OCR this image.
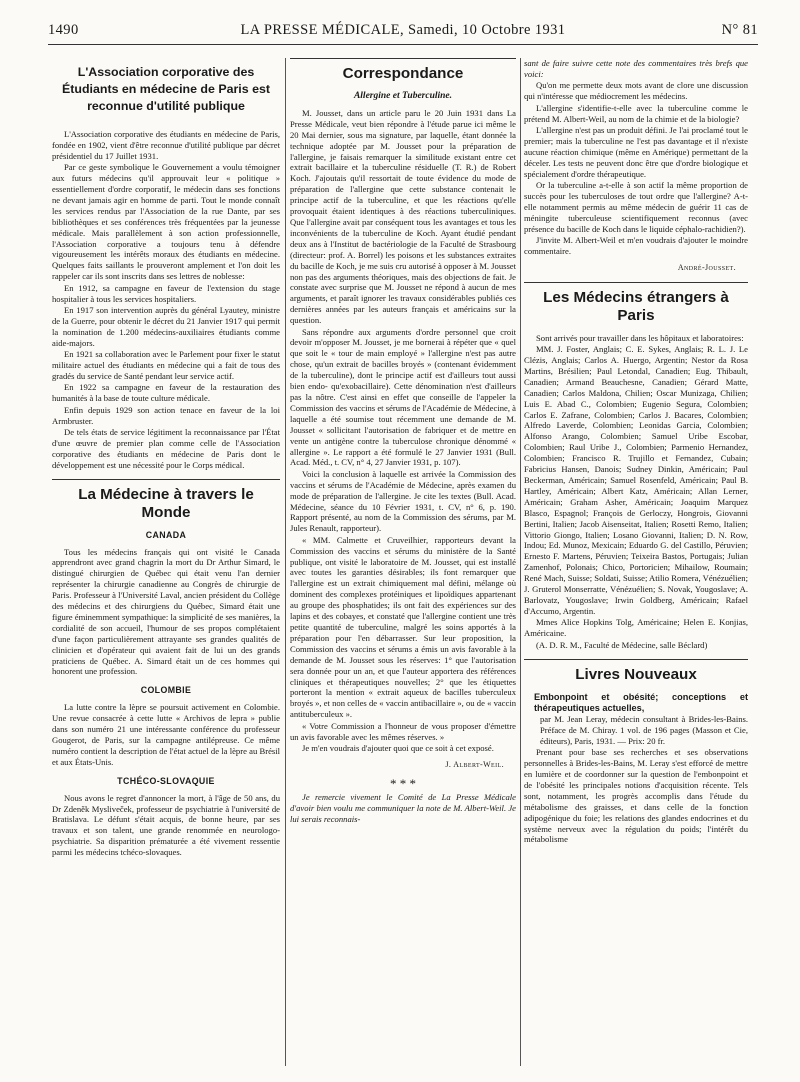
1490	LA PRESSE MÉDICALE, Samedi, 10 Octobre 1931	N° 81
L'Association corporative des Étudiants en médecine de Paris est reconnue d'utilité publique

L'Association corporative des étudiants en médecine de Paris, fondée en 1902, vient d'être reconnue d'utilité publique par décret présidentiel du 17 Juillet 1931.

Par ce geste symbolique le Gouvernement a voulu témoigner aux futurs médecins qu'il approuvait leur « politique » essentiellement d'ordre corporatif, le médecin dans ses fonctions ne devant jamais agir en homme de parti. Tout le monde connaît les services rendus par l'Association de la rue Dante, par ses bibliothèques et ses conférences très fréquentées par la jeunesse médicale. Mais parallèlement à son action professionnelle, l'Association corporative a toujours tenu à défendre vigoureusement les intérêts moraux des étudiants en médecine. Quelques faits saillants le prouveront amplement et l'on doit les rappeler car ils sont inscrits dans ses lettres de noblesse:

En 1912, sa campagne en faveur de l'extension du stage hospitalier à tous les services hospitaliers.

En 1917 son intervention auprès du général Lyautey, ministre de la Guerre, pour obtenir le décret du 21 Janvier 1917 qui permit la nomination de 1.200 médecins-auxiliaires étudiants comme aide-majors.

En 1921 sa collaboration avec le Parlement pour fixer le statut militaire actuel des étudiants en médecine qui a fait de tous des gradés du service de Santé pendant leur service actif.

En 1922 sa campagne en faveur de la restauration des humanités à la base de toute culture médicale.

Enfin depuis 1929 son action tenace en faveur de la loi Armbruster.

De tels états de service légitiment la reconnaissance par l'État d'une œuvre de premier plan comme celle de l'Association corporative des étudiants en médecine de Paris dont le développement est une nécessité pour le Corps médical.

La Médecine à travers le Monde
CANADA

Tous les médecins français qui ont visité le Canada apprendront avec grand chagrin la mort du Dr Arthur Simard, le distingué chirurgien de Québec qui était venu l'an dernier représenter la chirurgie canadienne au Congrès de chirurgie de Paris. Professeur à l'Université Laval, ancien président du Collège des médecins et des chirurgiens du Québec, Simard était une figure éminemment sympathique: la simplicité de ses manières, la cordialité de son accueil, l'humour de ses propos complétaient d'une façon particulièrement attrayante ses grandes qualités de clinicien et d'opérateur qui avaient fait de lui un des grands praticiens de Québec. A. Simard était un de ces hommes qui honorent une profession.

COLOMBIE

La lutte contre la lèpre se poursuit activement en Colombie. Une revue consacrée à cette lutte « Archivos de lepra » publie dans son numéro 21 une intéressante conférence du professeur Gougerot, de Paris, sur la campagne antilépreuse. Ce même numéro contient la description de l'état actuel de la lèpre au Brésil et aux États-Unis.

TCHÉCO-SLOVAQUIE

Nous avons le regret d'annoncer la mort, à l'âge de 50 ans, du Dr Zdeněk Mysliveček, professeur de psychiatrie à l'université de Bratislava. Le défunt s'était acquis, de bonne heure, par ses travaux et son talent, une grande renommée en neurologo-psychiatrie. Sa disparition prématurée a été vivement ressentie parmi les médecins tchéco-slovaques.

Correspondance
Allergine et Tuberculine.

M. Jousset, dans un article paru le 20 Juin 1931 dans La Presse Médicale, veut bien répondre à l'étude parue ici même le 20 Mai dernier, sous ma signature, par laquelle, étant donnée la technique adoptée par M. Jousset pour la préparation de l'allergine, je faisais remarquer la similitude existant entre cet extrait bacillaire et la tuberculine résiduelle (T. R.) de Robert Koch. J'ajoutais qu'il ressortait de toute évidence du mode de préparation de l'allergine que cette substance contenait le principe actif de la tuberculine, et que les réactions qu'elle provoquait étaient identiques à des réactions tuberculiniques. Que l'allergine avait par conséquent tous les avantages et tous les inconvénients de la tuberculine de Koch. Ayant étudié pendant deux ans à l'Institut de bactériologie de la Faculté de Strasbourg (directeur: prof. A. Borrel) les poisons et les substances extraites du bacille de Koch, je me suis cru autorisé à opposer à M. Jousset non pas des arguments théoriques, mais des objections de fait. Je constate avec surprise que M. Jousset ne répond à aucun de mes arguments, et paraît ignorer les travaux considérables publiés ces dernières années par les auteurs français et américains sur la question.

Sans répondre aux arguments d'ordre personnel que croit devoir m'opposer M. Jousset, je me bornerai à répéter que « quel que soit le « tour de main employé » l'allergine n'est pas autre chose, qu'un extrait de bacilles broyés » (contenant évidemment de la tuberculine), dont le principe actif est d'ailleurs tout aussi bien endo- qu'exobacillaire). Cette dénomination n'est d'ailleurs pas la nôtre. C'est ainsi en effet que conseille de l'appeler la Commission des vaccins et sérums de l'Académie de Médecine, à laquelle a été soumise tout récemment une demande de M. Jousset « sollicitant l'autorisation de fabriquer et de mettre en vente un antigène contre la tuberculose chronique dénommé « allergine ». Le rapport a été formulé le 27 Janvier 1931 (Bull. Acad. Méd., t. CV, n° 4, 27 Janvier 1931, p. 107).

Voici la conclusion à laquelle est arrivée la Commission des vaccins et sérums de l'Académie de Médecine, après examen du mode de préparation de l'allergine. Je cite les textes (Bull. Acad. Médecine, séance du 10 Février 1931, t. CV, n° 6, p. 190. Rapport présenté, au nom de la Commission des sérums, par M. Jules Renault, rapporteur).

« MM. Calmette et Cruveilhier, rapporteurs devant la Commission des vaccins et sérums du ministère de la Santé publique, ont visité le laboratoire de M. Jousset, qui est installé avec toutes les garanties désirables; ils font remarquer que l'allergine est un extrait chimiquement mal défini, mélange où dominent des complexes protéiniques et lipoïdiques appartenant au groupe des phosphatides; ils ont fait des expériences sur des lapins et des cobayes, et constaté que l'allergine contient une très petite quantité de tuberculine, malgré les soins apportés à la préparation pour l'en débarrasser. Sur leur proposition, la Commission des vaccins et sérums a émis un avis favorable à la demande de M. Jousset sous les réserves: 1° que l'autorisation sera donnée pour un an, et que l'auteur apportera des références cliniques et thérapeutiques nouvelles; 2° que les étiquettes porteront la mention « extrait aqueux de bacilles tuberculeux broyés », et non celles de « vaccin antibacillaire », ou de « vaccin antituberculeux ».

« Votre Commission a l'honneur de vous proposer d'émettre un avis favorable avec les mêmes réserves. »

Je m'en voudrais d'ajouter quoi que ce soit à cet exposé.

J. Albert-Weil.
* * *

Je remercie vivement le Comité de La Presse Médicale d'avoir bien voulu me communiquer la note de M. Albert-Weil. Je lui serais reconnais-

sant de faire suivre cette note des commentaires très brefs que voici:

Qu'on me permette deux mots avant de clore une discussion qui n'intéresse que médiocrement les médecins.

L'allergine s'identifie-t-elle avec la tuberculine comme le prétend M. Albert-Weil, au nom de la chimie et de la biologie?

L'allergine n'est pas un produit défini. Je l'ai proclamé tout le premier; mais la tuberculine ne l'est pas davantage et il n'existe aucune réaction chimique (même en Amérique) permettant de la déceler. Les tests ne peuvent donc être que d'ordre biologique et spécialement d'ordre thérapeutique.

Or la tuberculine a-t-elle à son actif la même proportion de succès pour les tuberculoses de tout ordre que l'allergine? A-t-elle notamment permis au même médecin de guérir 11 cas de méningite tuberculeuse scientifiquement reconnus (avec présence du bacille de Koch dans le liquide céphalo-rachidien?).

J'invite M. Albert-Weil et m'en voudrais d'ajouter le moindre commentaire.

André-Jousset.
Les Médecins étrangers à Paris

Sont arrivés pour travailler dans les hôpitaux et laboratoires:

MM. J. Foster, Anglais; C. E. Sykes, Anglais; R. L. J. Le Clézis, Anglais; Carlos A. Huergo, Argentin; Nestor da Rosa Martins, Brésilien; Paul Letondal, Canadien; Eug. Thibault, Canadien; Armand Beauchesne, Canadien; Gérard Matte, Canadien; Carlos Maldona, Chilien; Oscar Munizaga, Chilien; Luis E. Abad C., Colombien; Eugenio Segura, Colombien; Carlos E. Zafrane, Colombien; Carlos J. Bacares, Colombien; Alfredo Laverde, Colombien; Leonidas Garcia, Colombien; Alfonso Arango, Colombien; Samuel Uribe Escobar, Colombien; Raul Uribe J., Colombien; Parmenio Hernandez, Colombien; Francisco R. Trujillo et Fernandez, Cubain; Fabricius Hansen, Danois; Sudney Dinkin, Américain; Paul Beckerman, Américain; Samuel Rosenfeld, Américain; Paul B. Hartley, Américain; Albert Katz, Américain; Allan Lerner, Américain; Graham Asher, Américain; Joaquim Marquez Blasco, Espagnol; François de Gerloczy, Hongrois, Giovanni Bertini, Italien; Jacob Aisenseitat, Italien; Rosetti Remo, Italien; Vittorio Giongo, Italien; Losano Giovanni, Italien; D. N. Row, Indou; Ed. Munoz, Mexicain; Eduardo G. del Castillo, Péruvien; Ernesto F. Martens, Péruvien; Teixeira Bastos, Portugais; Julian Zamenhof, Polonais; Chico, Portoricien; Mihailow, Roumain; René Mach, Suisse; Soldati, Suisse; Atilio Romera, Vénézuélien; J. Gruterol Monserratte, Vénézuélien; S. Novak, Yougoslave; A. Barlovatz, Yougoslave; Irwin Goldberg, Américain; Rafael d'Accumo, Argentin.

Mmes Alice Hopkins Tolg, Américaine; Helen E. Konjias, Américaine.

(A. D. R. M., Faculté de Médecine, salle Béclard)

Livres Nouveaux

Embonpoint et obésité; conceptions et thérapeutiques actuelles,

par M. Jean Leray, médecin consultant à Brides-les-Bains. Préface de M. Chiray. 1 vol. de 196 pages (Masson et Cie, éditeurs), Paris, 1931. — Prix: 20 fr.

Prenant pour base ses recherches et ses observations personnelles à Brides-les-Bains, M. Leray s'est efforcé de mettre en lumière et de coordonner sur la question de l'embonpoint et de l'obésité les principales notions d'acquisition récente. Tels sont, notamment, les progrès accomplis dans l'étude du métabolisme des graisses, et dans celle de la fonction adipogénique du foie; les relations des glandes endocrines et du système nerveux avec la régulation du poids; l'intérêt du métabolisme
